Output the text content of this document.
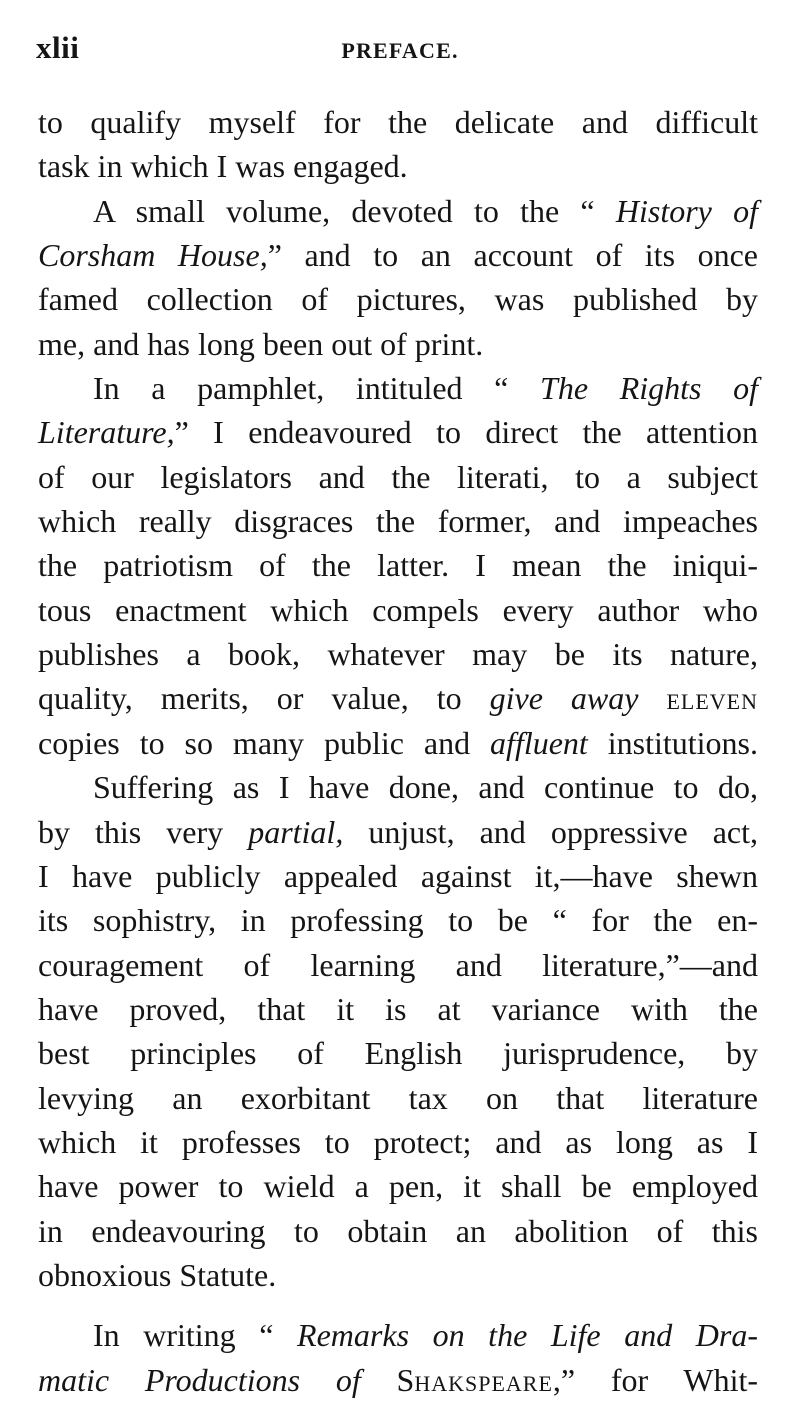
xlii	PREFACE.
to qualify myself for the delicate and difficult
task in which I was engaged.
A small volume, devoted to the “ History of
Corsham House,” and to an account of its once
famed collection of pictures, was published by
me, and has long been out of print.
In a pamphlet, intituled “ The Rights of
Literature,” I endeavoured to direct the attention
of our legislators and the literati, to a subject
which really disgraces the former, and impeaches
the patriotism of the latter. I mean the iniqui-
tous enactment which compels every author who
publishes a book, whatever may be its nature,
quality, merits, or value, to give away ELEVEN
copies to so many public and affluent institutions.
Suffering as I have done, and continue to do,
by this very partial, unjust, and oppressive act,
I have publicly appealed against it,—have shewn
its sophistry, in professing to be “ for the en-
couragement of learning and literature,”—and
have proved, that it is at variance with the
best principles of English jurisprudence, by
levying an exorbitant tax on that literature
which it professes to protect; and as long as I
have power to wield a pen, it shall be employed
in endeavouring to obtain an abolition of this
obnoxious Statute.
In writing “ Remarks on the Life and Dra-
matic Productions of SHAKSPEARE,” for Whit-
